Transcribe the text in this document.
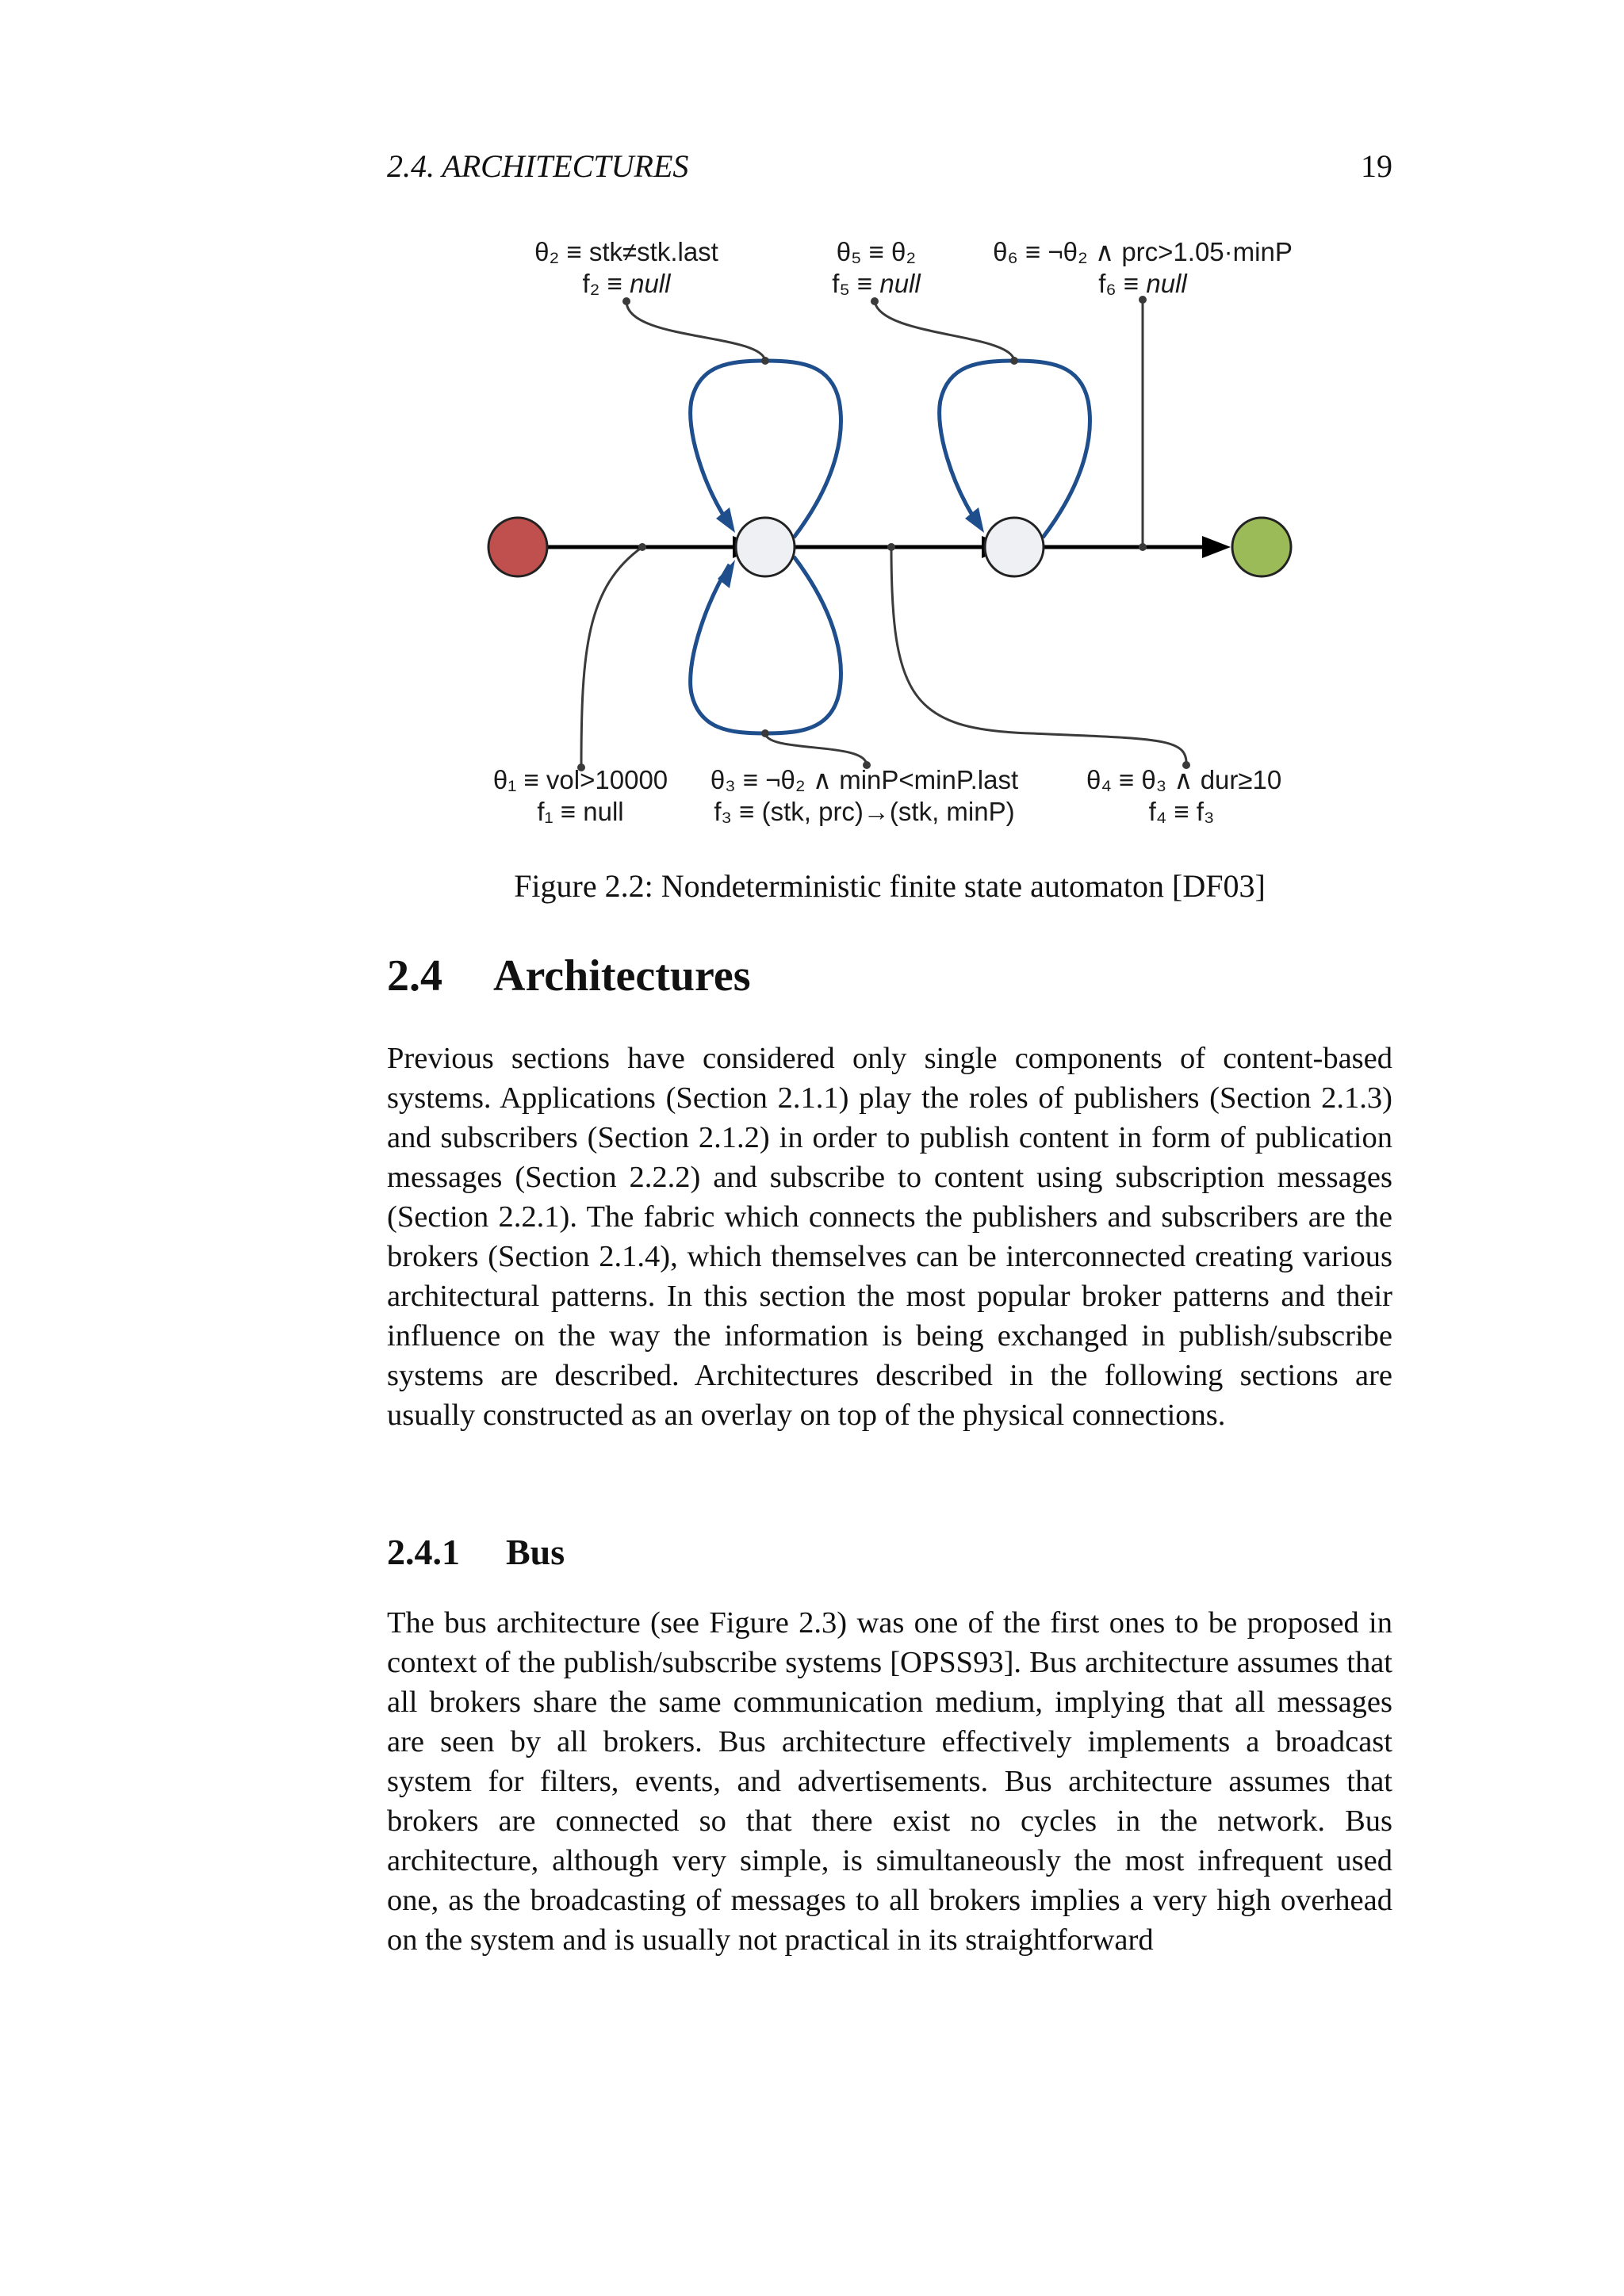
2.4. ARCHITECTURES	19
θ₂ ≡ stk≠stk.last
f₂ ≡ null
θ₅ ≡ θ₂
f₅ ≡ null
θ₆ ≡ ¬θ₂ ∧ prc>1.05·minP
f₆ ≡ null
θ₁ ≡ vol>10000
f₁ ≡ null
θ₃ ≡ ¬θ₂ ∧ minP<minP.last
f₃ ≡ (stk, prc)→(stk, minP)
θ₄ ≡ θ₃ ∧ dur≥10
f₄ ≡ f₃
Figure 2.2: Nondeterministic finite state automaton [DF03]
2.4 Architectures

Previous sections have considered only single components of content-based systems. Applications (Section 2.1.1) play the roles of publishers (Section 2.1.3) and subscribers (Section 2.1.2) in order to publish content in form of publication messages (Section 2.2.2) and subscribe to content using subscription messages (Section 2.2.1). The fabric which connects the publishers and subscribers are the brokers (Section 2.1.4), which themselves can be interconnected creating various architectural patterns. In this section the most popular broker patterns and their influence on the way the information is being exchanged in publish/subscribe systems are described. Architectures described in the following sections are usually constructed as an overlay on top of the physical connections.

2.4.1 Bus

The bus architecture (see Figure 2.3) was one of the first ones to be proposed in context of the publish/subscribe systems [OPSS93]. Bus architecture assumes that all brokers share the same communication medium, implying that all messages are seen by all brokers. Bus architecture effectively implements a broadcast system for filters, events, and advertisements. Bus architecture assumes that brokers are connected so that there exist no cycles in the network. Bus architecture, although very simple, is simultaneously the most infrequent used one, as the broadcasting of messages to all brokers implies a very high overhead on the system and is usually not practical in its straightforward
